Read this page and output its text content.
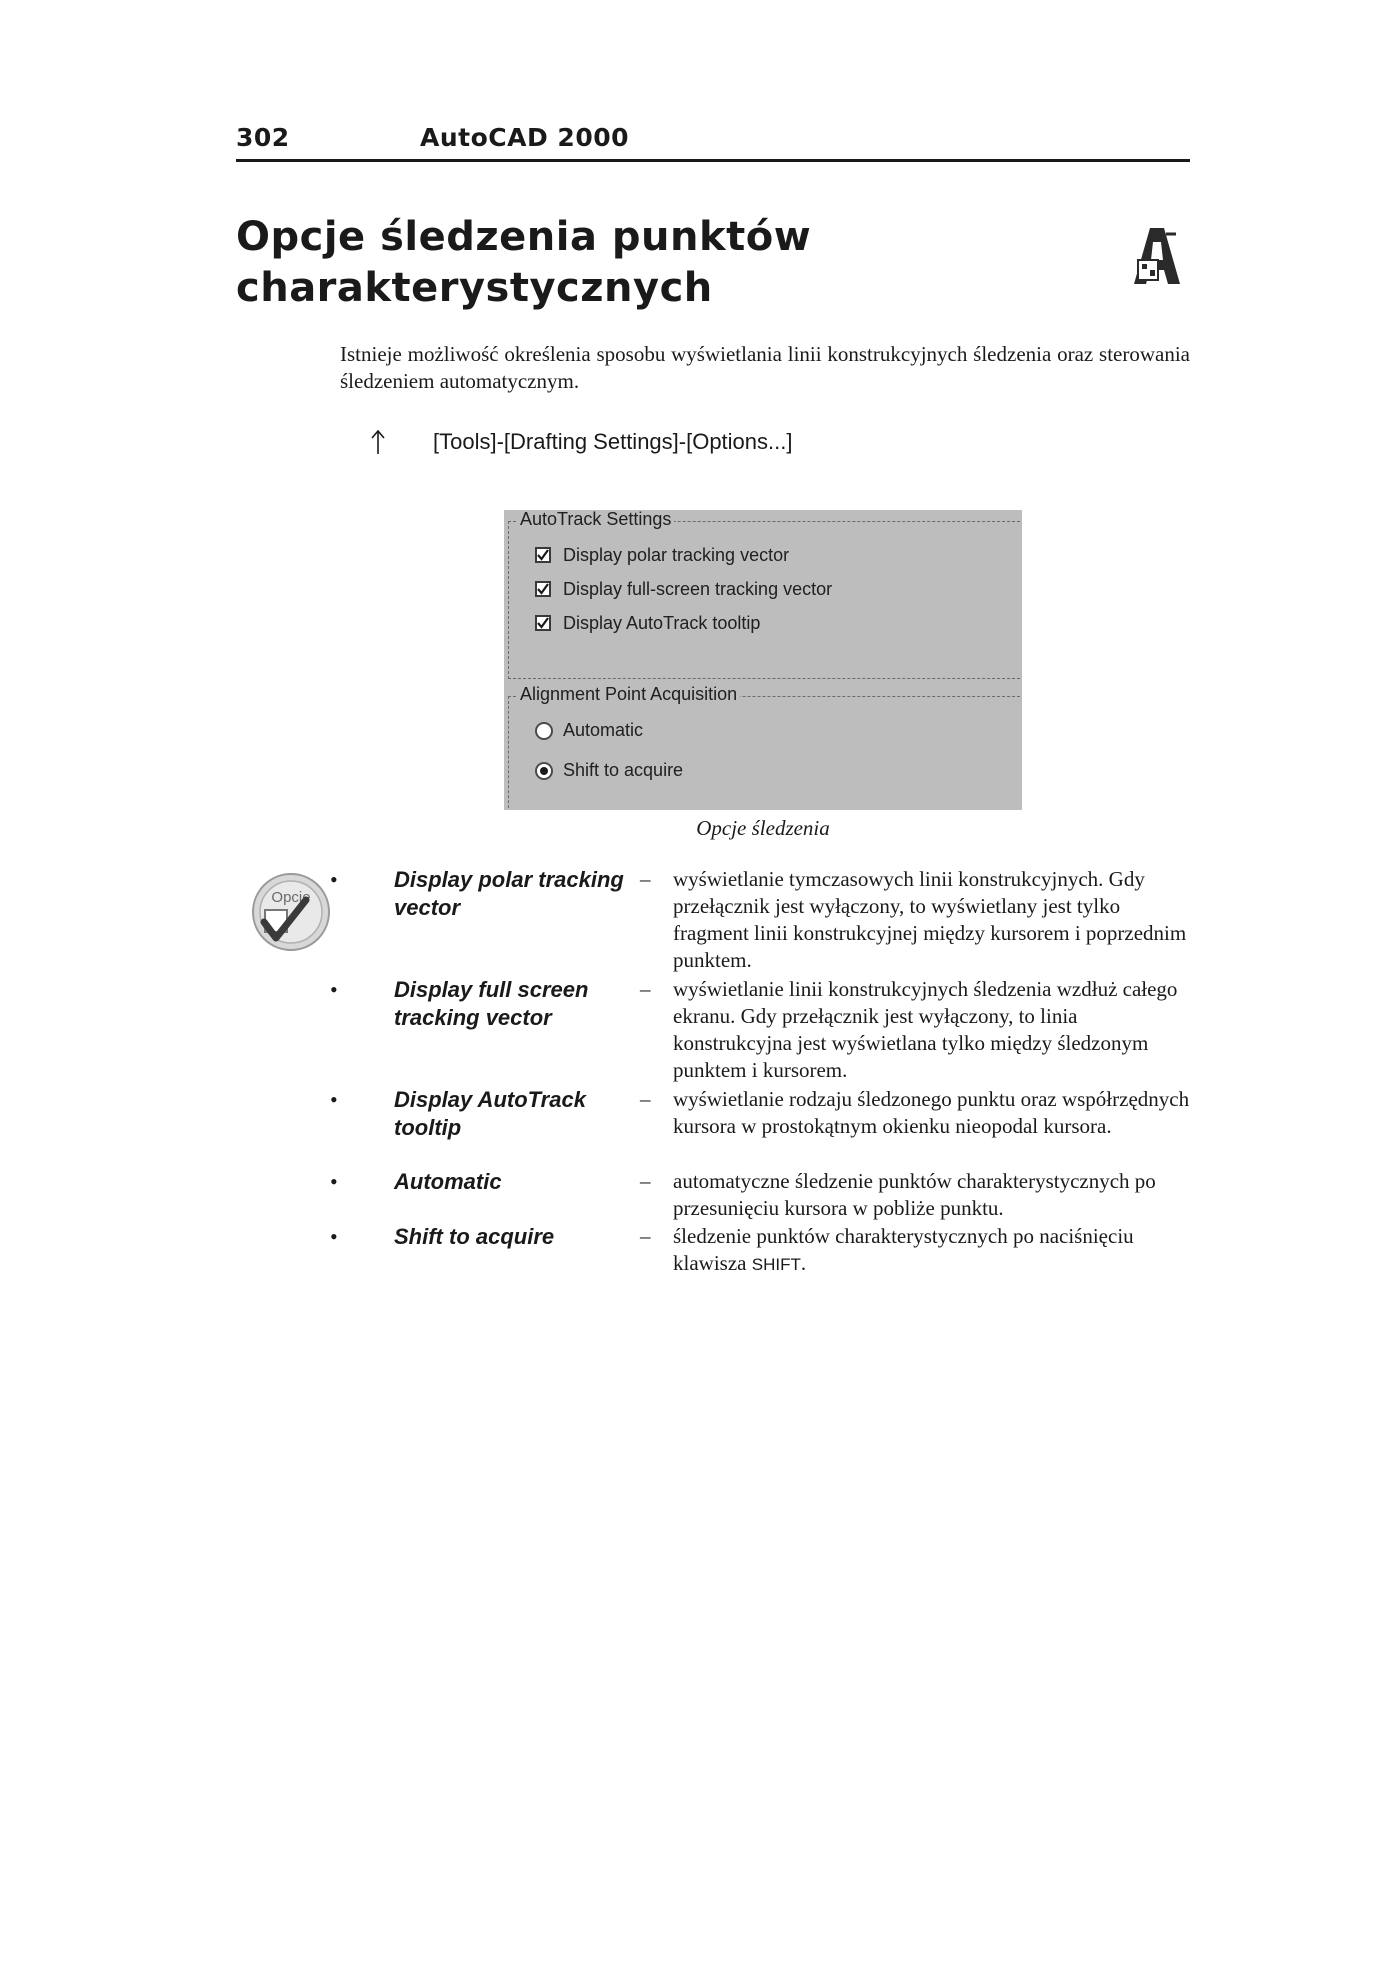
302	AutoCAD 2000
Opcje śledzenia punktów
charakterystycznych

Istnieje możliwość określenia sposobu wyświetlania linii konstrukcyjnych śledzenia oraz sterowania śledzeniem automatycznym.

[Tools]-[Drafting Settings]-[Options...]
AutoTrack Settings
Display polar tracking vector
Display full-screen tracking vector
Display AutoTrack tooltip
Alignment Point Acquisition
Automatic
Shift to acquire
Opcje śledzenia
Opcje
•	Display polar tracking vector
– wyświetlanie tymczasowych linii konstrukcyjnych. Gdy przełącznik jest wyłączony, to wyświetlany jest tylko fragment linii konstrukcyjnej między kursorem i poprzednim punktem.
•	Display full screen tracking vector
– wyświetlanie linii konstrukcyjnych śledzenia wzdłuż całego ekranu. Gdy przełącznik jest wyłączony, to linia konstrukcyjna jest wyświetlana tylko między śledzonym punktem i kursorem.
•	Display AutoTrack tooltip
– wyświetlanie rodzaju śledzonego punktu oraz współrzędnych kursora w prostokątnym okienku nieopodal kursora.
•	Automatic	– automatyczne śledzenie punktów charakterystycznych po przesunięciu kursora w pobliże punktu.
•	Shift to acquire	– śledzenie punktów charakterystycznych po naciśnięciu klawisza SHIFT.
